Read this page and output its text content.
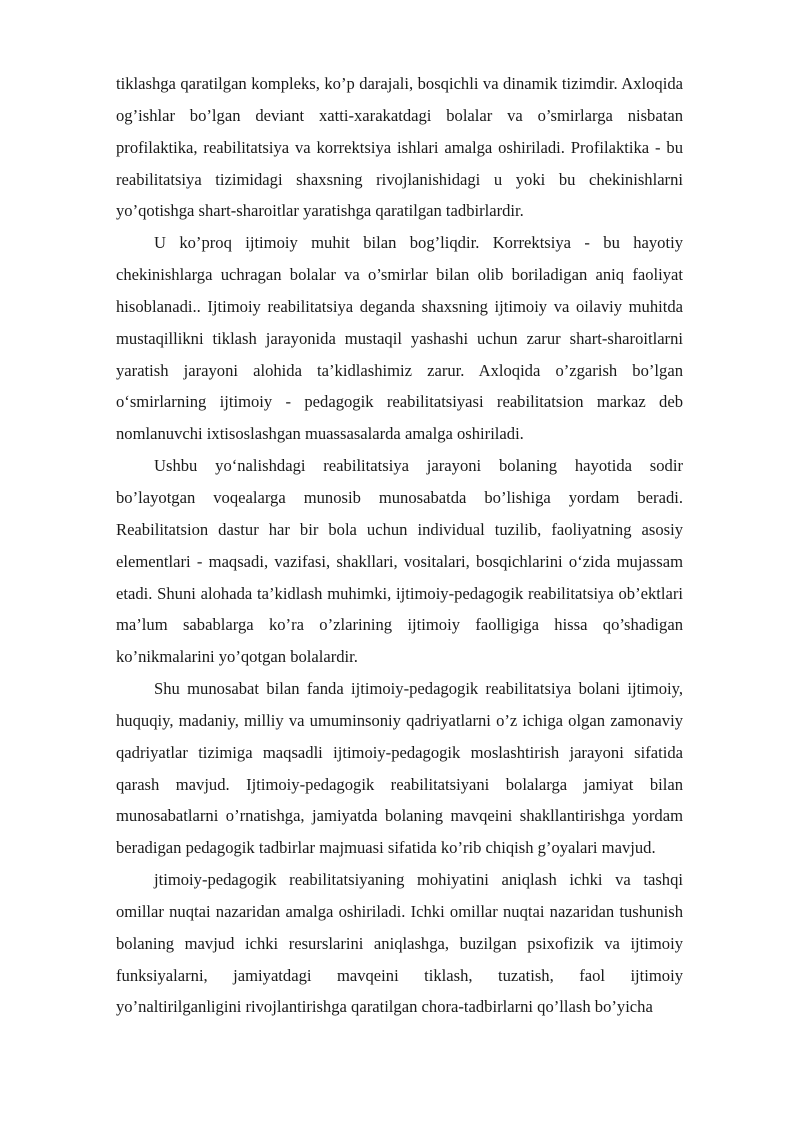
tiklashga qaratilgan kompleks, ko’p darajali, bosqichli va dinamik tizimdir. Axloqida og’ishlar bo’lgan deviant xatti-xarakatdagi bolalar va o’smirlarga nisbatan profilaktika, reabilitatsiya va korrektsiya ishlari amalga oshiriladi. Profilaktika - bu reabilitatsiya tizimidagi shaxsning rivojlanishidagi u yoki bu chekinishlarni yo’qotishga shart-sharoitlar yaratishga qaratilgan tadbirlardir.

U ko’proq ijtimoiy muhit bilan bog’liqdir. Korrektsiya - bu hayotiy chekinishlarga uchragan bolalar va o’smirlar bilan olib boriladigan aniq faoliyat hisoblanadi.. Ijtimoiy reabilitatsiya deganda shaxsning ijtimoiy va oilaviy muhitda mustaqillikni tiklash jarayonida mustaqil yashashi uchun zarur shart-sharoitlarni yaratish jarayoni alohida ta’kidlashimiz zarur. Axloqida o’zgarish bo’lgan o‘smirlarning ijtimoiy - pedagogik reabilitatsiyasi reabilitatsion markaz deb nomlanuvchi ixtisoslashgan muassasalarda amalga oshiriladi.

Ushbu yo‘nalishdagi reabilitatsiya jarayoni bolaning hayotida sodir bo’layotgan voqealarga munosib munosabatda bo’lishiga yordam beradi. Reabilitatsion dastur har bir bola uchun individual tuzilib, faoliyatning asosiy elementlari - maqsadi, vazifasi, shakllari, vositalari, bosqichlarini o‘zida mujassam etadi. Shuni alohada ta’kidlash muhimki, ijtimoiy-pedagogik reabilitatsiya ob’ektlari ma’lum sabablarga ko’ra o’zlarining ijtimoiy faolligiga hissa qo’shadigan ko’nikmalarini yo’qotgan bolalardir.

Shu munosabat bilan fanda ijtimoiy-pedagogik reabilitatsiya bolani ijtimoiy, huquqiy, madaniy, milliy va umuminsoniy qadriyatlarni o’z ichiga olgan zamonaviy qadriyatlar tizimiga maqsadli ijtimoiy-pedagogik moslashtirish jarayoni sifatida qarash mavjud. Ijtimoiy-pedagogik reabilitatsiyani bolalarga jamiyat bilan munosabatlarni o’rnatishga, jamiyatda bolaning mavqeini shakllantirishga yordam beradigan pedagogik tadbirlar majmuasi sifatida ko’rib chiqish g’oyalari mavjud.

jtimoiy-pedagogik reabilitatsiyaning mohiyatini aniqlash ichki va tashqi omillar nuqtai nazaridan amalga oshiriladi. Ichki omillar nuqtai nazaridan tushunish bolaning mavjud ichki resurslarini aniqlashga, buzilgan psixofizik va ijtimoiy funksiyalarni, jamiyatdagi mavqeini tiklash, tuzatish, faol ijtimoiy yo’naltirilganligini rivojlantirishga qaratilgan chora-tadbirlarni qo’llash bo’yicha
